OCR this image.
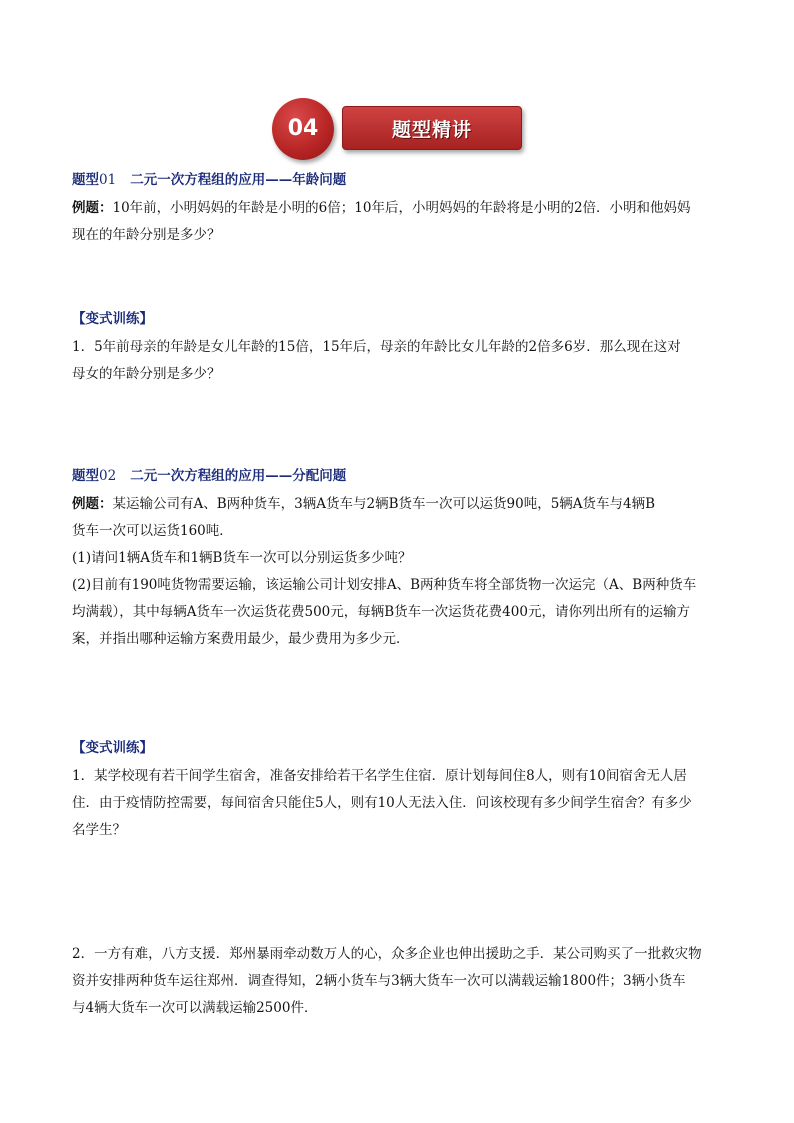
04	题型精讲
题型01 二元一次方程组的应用——年龄问题
例题：10年前，小明妈妈的年龄是小明的6倍；10年后，小明妈妈的年龄将是小明的2倍．小明和他妈妈
现在的年龄分别是多少？
【变式训练】
1．5年前母亲的年龄是女儿年龄的15倍，15年后，母亲的年龄比女儿年龄的2倍多6岁．那么现在这对
母女的年龄分别是多少？
题型02 二元一次方程组的应用——分配问题
例题：某运输公司有A、B两种货车，3辆A货车与2辆B货车一次可以运货90吨，5辆A货车与4辆B
货车一次可以运货160吨．
(1)请问1辆A货车和1辆B货车一次可以分别运货多少吨？
(2)目前有190吨货物需要运输，该运输公司计划安排A、B两种货车将全部货物一次运完（A、B两种货车
均满载），其中每辆A货车一次运货花费500元，每辆B货车一次运货花费400元，请你列出所有的运输方
案，并指出哪种运输方案费用最少，最少费用为多少元．
【变式训练】
1．某学校现有若干间学生宿舍，准备安排给若干名学生住宿．原计划每间住8人，则有10间宿舍无人居
住．由于疫情防控需要，每间宿舍只能住5人，则有10人无法入住．问该校现有多少间学生宿舍？有多少
名学生？
2．一方有难，八方支援．郑州暴雨牵动数万人的心，众多企业也伸出援助之手．某公司购买了一批救灾物
资并安排两种货车运往郑州．调查得知，2辆小货车与3辆大货车一次可以满载运输1800件；3辆小货车
与4辆大货车一次可以满载运输2500件．
